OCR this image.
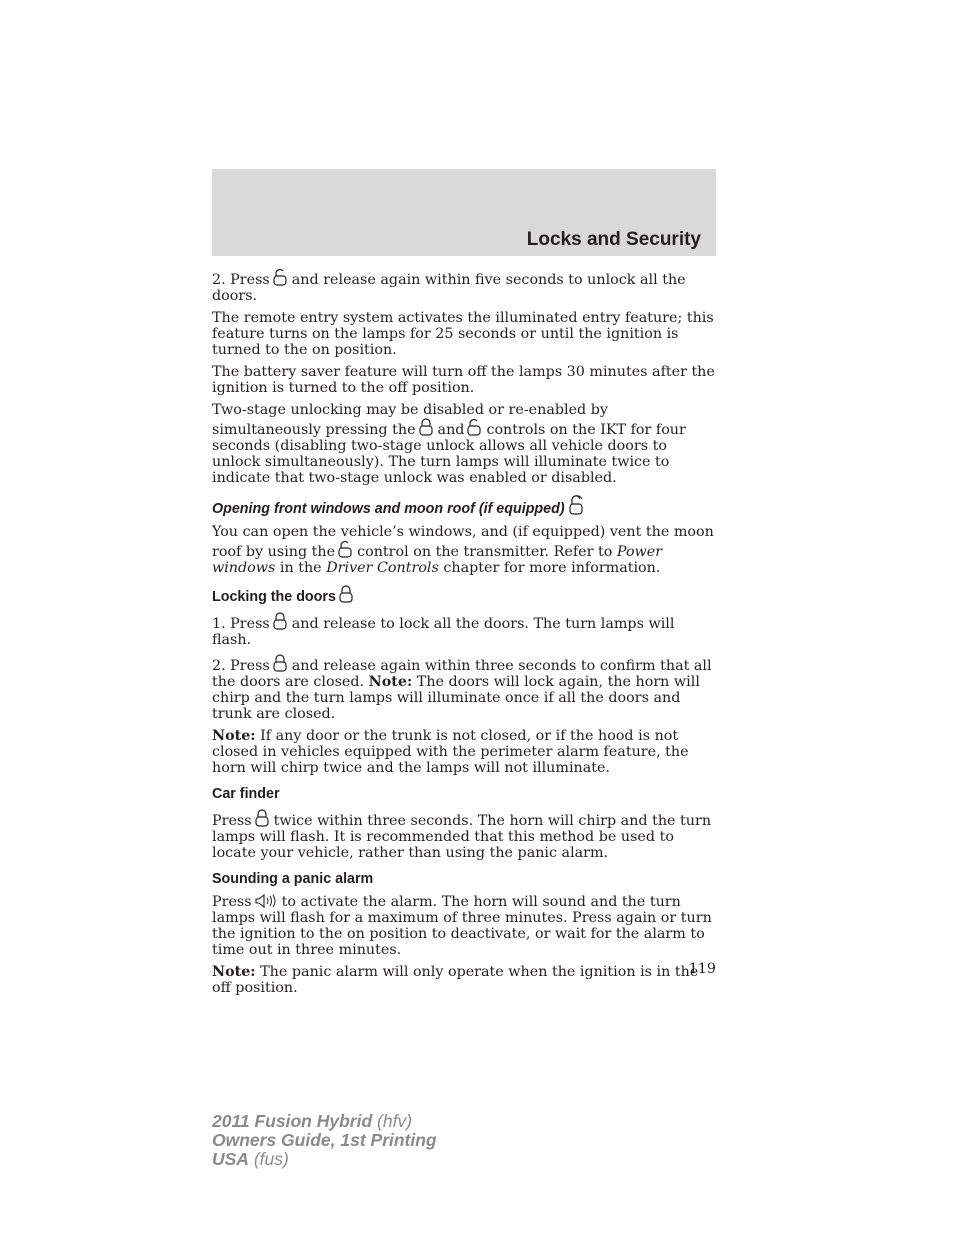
Locks and Security

2. Press and release again within five seconds to unlock all the doors.

The remote entry system activates the illuminated entry feature; this feature turns on the lamps for 25 seconds or until the ignition is turned to the on position.

The battery saver feature will turn off the lamps 30 minutes after the ignition is turned to the off position.

Two-stage unlocking may be disabled or re-enabled by simultaneously pressing the and controls on the IKT for four seconds (disabling two-stage unlock allows all vehicle doors to unlock simultaneously). The turn lamps will illuminate twice to indicate that two-stage unlock was enabled or disabled.

Opening front windows and moon roof (if equipped)

You can open the vehicle’s windows, and (if equipped) vent the moon roof by using the control on the transmitter. Refer to Power windows in the Driver Controls chapter for more information.

Locking the doors

1. Press and release to lock all the doors. The turn lamps will flash.

2. Press and release again within three seconds to confirm that all the doors are closed. Note: The doors will lock again, the horn will chirp and the turn lamps will illuminate once if all the doors and trunk are closed.

Note: If any door or the trunk is not closed, or if the hood is not closed in vehicles equipped with the perimeter alarm feature, the horn will chirp twice and the lamps will not illuminate.

Car finder

Press twice within three seconds. The horn will chirp and the turn lamps will flash. It is recommended that this method be used to locate your vehicle, rather than using the panic alarm.

Sounding a panic alarm

Press to activate the alarm. The horn will sound and the turn lamps will flash for a maximum of three minutes. Press again or turn the ignition to the on position to deactivate, or wait for the alarm to time out in three minutes.

Note: The panic alarm will only operate when the ignition is in the off position.

119
2011 Fusion Hybrid (hfv)
Owners Guide, 1st Printing
USA (fus)
